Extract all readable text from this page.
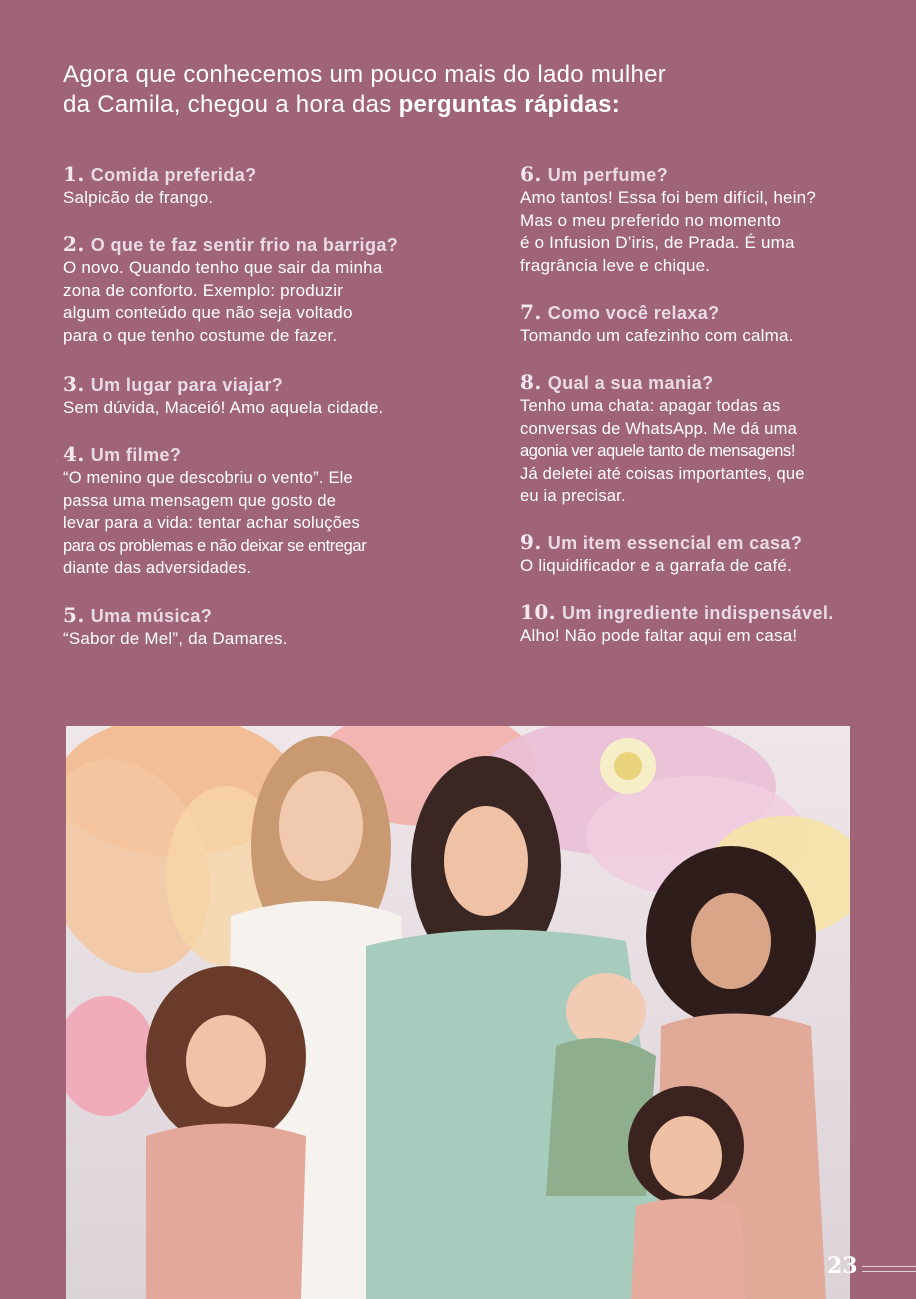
Agora que conhecemos um pouco mais do lado mulher
da Camila, chegou a hora das perguntas rápidas:

1. Comida preferida?

Salpicão de frango.

2. O que te faz sentir frio na barriga?

O novo. Quando tenho que sair da minha
zona de conforto. Exemplo: produzir
algum conteúdo que não seja voltado
para o que tenho costume de fazer.

3. Um lugar para viajar?

Sem dúvida, Maceió! Amo aquela cidade.

4. Um filme?

“O menino que descobriu o vento”. Ele
passa uma mensagem que gosto de
levar para a vida: tentar achar soluções
para os problemas e não deixar se entregar
diante das adversidades.

5. Uma música?

“Sabor de Mel”, da Damares.

6. Um perfume?

Amo tantos! Essa foi bem difícil, hein?
Mas o meu preferido no momento
é o Infusion D’iris, de Prada. É uma
fragrância leve e chique.

7. Como você relaxa?

Tomando um cafezinho com calma.

8. Qual a sua mania?

Tenho uma chata: apagar todas as
conversas de WhatsApp. Me dá uma
agonia ver aquele tanto de mensagens!
Já deletei até coisas importantes, que
eu ia precisar.

9. Um item essencial em casa?

O liquidificador e a garrafa de café.

10. Um ingrediente indispensável.

Alho! Não pode faltar aqui em casa!

23
